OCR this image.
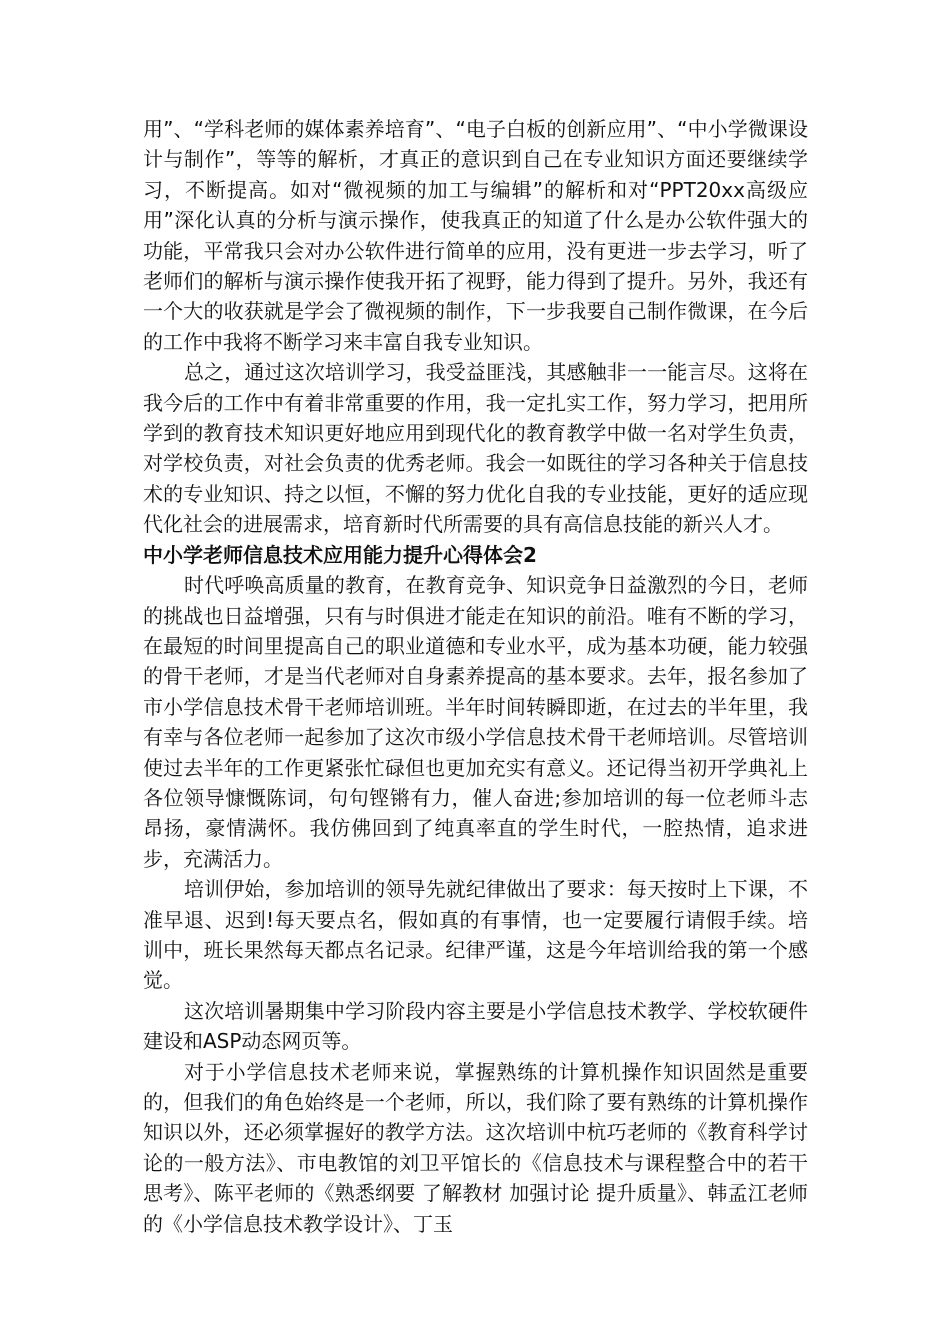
用”、“学科老师的媒体素养培育”、“电子白板的创新应用”、“中小学微课设计与制作”，等等的解析，才真正的意识到自己在专业知识方面还要继续学习，不断提高。如对“微视频的加工与编辑”的解析和对“PPT20xx高级应用”深化认真的分析与演示操作，使我真正的知道了什么是办公软件强大的功能，平常我只会对办公软件进行简单的应用，没有更进一步去学习，听了老师们的解析与演示操作使我开拓了视野，能力得到了提升。另外，我还有一个大的收获就是学会了微视频的制作，下一步我要自己制作微课，在今后的工作中我将不断学习来丰富自我专业知识。

总之，通过这次培训学习，我受益匪浅，其感触非一一能言尽。这将在我今后的工作中有着非常重要的作用，我一定扎实工作，努力学习，把用所学到的教育技术知识更好地应用到现代化的教育教学中做一名对学生负责，对学校负责，对社会负责的优秀老师。我会一如既往的学习各种关于信息技术的专业知识、持之以恒，不懈的努力优化自我的专业技能，更好的适应现代化社会的进展需求，培育新时代所需要的具有高信息技能的新兴人才。

中小学老师信息技术应用能力提升心得体会2

时代呼唤高质量的教育，在教育竞争、知识竞争日益激烈的今日，老师的挑战也日益增强，只有与时俱进才能走在知识的前沿。唯有不断的学习，在最短的时间里提高自己的职业道德和专业水平，成为基本功硬，能力较强的骨干老师，才是当代老师对自身素养提高的基本要求。去年，报名参加了市小学信息技术骨干老师培训班。半年时间转瞬即逝，在过去的半年里，我有幸与各位老师一起参加了这次市级小学信息技术骨干老师培训。尽管培训使过去半年的工作更紧张忙碌但也更加充实有意义。还记得当初开学典礼上各位领导慷慨陈词，句句铿锵有力，催人奋进;参加培训的每一位老师斗志昂扬，豪情满怀。我仿佛回到了纯真率直的学生时代，一腔热情，追求进步，充满活力。

培训伊始，参加培训的领导先就纪律做出了要求：每天按时上下课，不准早退、迟到!每天要点名，假如真的有事情，也一定要履行请假手续。培训中，班长果然每天都点名记录。纪律严谨，这是今年培训给我的第一个感觉。

这次培训暑期集中学习阶段内容主要是小学信息技术教学、学校软硬件建设和ASP动态网页等。

对于小学信息技术老师来说，掌握熟练的计算机操作知识固然是重要的，但我们的角色始终是一个老师，所以，我们除了要有熟练的计算机操作知识以外，还必须掌握好的教学方法。这次培训中杭巧老师的《教育科学讨论的一般方法》、市电教馆的刘卫平馆长的《信息技术与课程整合中的若干思考》、陈平老师的《熟悉纲要 了解教材 加强讨论 提升质量》、韩孟江老师的《小学信息技术教学设计》、丁玉
